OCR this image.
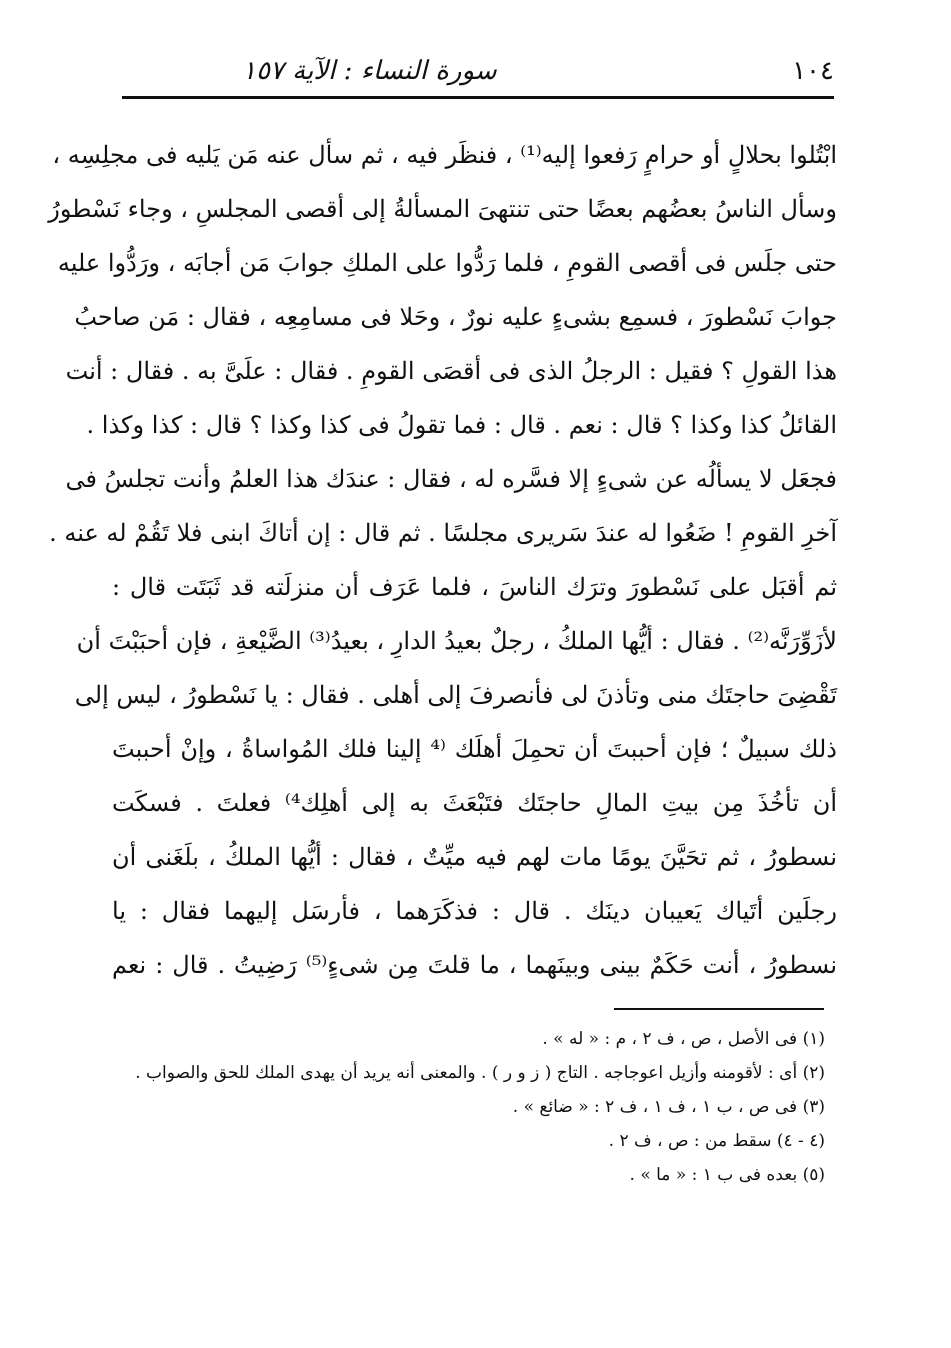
١٠٤
سورة النساء : الآية ١٥٧
ابْتُلوا بحلالٍ أو حرامٍ رَفعوا إليه⁽¹⁾ ، فنظَر فيه ، ثم سأل عنه مَن يَليه فى مجلِسِه ،
وسأل الناسُ بعضُهم بعضًا حتى تنتهىَ المسألةُ إلى أقصى المجلسِ ، وجاء نَسْطورُ
حتى جلَس فى أقصى القومِ ، فلما رَدُّوا على الملكِ جوابَ مَن أجابَه ، ورَدُّوا عليه
جوابَ نَسْطورَ ، فسمِع بشىءٍ عليه نورٌ ، وحَلا فى مسامِعِه ، فقال : مَن صاحبُ
هذا القولِ ؟ فقيل : الرجلُ الذى فى أقصَى القومِ . فقال : علَىَّ به . فقال : أنت
القائلُ كذا وكذا ؟ قال : نعم . قال : فما تقولُ فى كذا وكذا ؟ قال : كذا وكذا .
فجعَل لا يسألُه عن شىءٍ إلا فسَّره له ، فقال : عندَك هذا العلمُ وأنت تجلسُ فى
آخرِ القومِ ! ضَعُوا له عندَ سَريرى مجلسًا . ثم قال : إن أتاكَ ابنى فلا تَقُمْ له عنه .
ثم أقبَل على نَسْطورَ وترَك الناسَ ، فلما عَرَف أن منزلَته قد ثَبَتَت قال :
لأزَوِّرَنَّه⁽²⁾ . فقال : أيُّها الملكُ ، رجلٌ بعيدُ الدارِ ، بعيدُ⁽³⁾ الضَّيْعةِ ، فإن أحبَبْتَ أن
تَقْضِىَ حاجتَك منى وتأذنَ لى فأنصرفَ إلى أهلى . فقال : يا نَسْطورُ ، ليس إلى
ذلك سبيلٌ ؛ فإن أحببتَ أن تحمِلَ أهلَك ⁽⁴ إلينا فلك المُواساةُ ، وإنْ أحببتَ
أن تأخُذَ مِن بيتِ المالِ حاجتَك فتَبْعَثَ به إلى أهلِك⁴⁾ فعلتَ . فسكَت
نسطورُ ، ثم تحَيَّنَ يومًا مات لهم فيه ميِّتٌ ، فقال : أيُّها الملكُ ، بلَغَنى أن
رجلَين أتَياك يَعيبان دينَك . قال : فذكَرَهما ، فأرسَل إليهما فقال : يا
نسطورُ ، أنت حَكَمٌ بينى وبينَهما ، ما قلتَ مِن شىءٍ⁽⁵⁾ رَضِيتُ . قال : نعم
(١) فى الأصل ، ص ، ف ٢ ، م : « له » .
(٢) أى : لأقومنه وأزيل اعوجاجه . التاج ( ز و ر ) . والمعنى أنه يريد أن يهدى الملك للحق والصواب .
(٣) فى ص ، ب ١ ، ف ١ ، ف ٢ : « ضائع » .
(٤ - ٤) سقط من : ص ، ف ٢ .
(٥) بعده فى ب ١ : « ما » .
